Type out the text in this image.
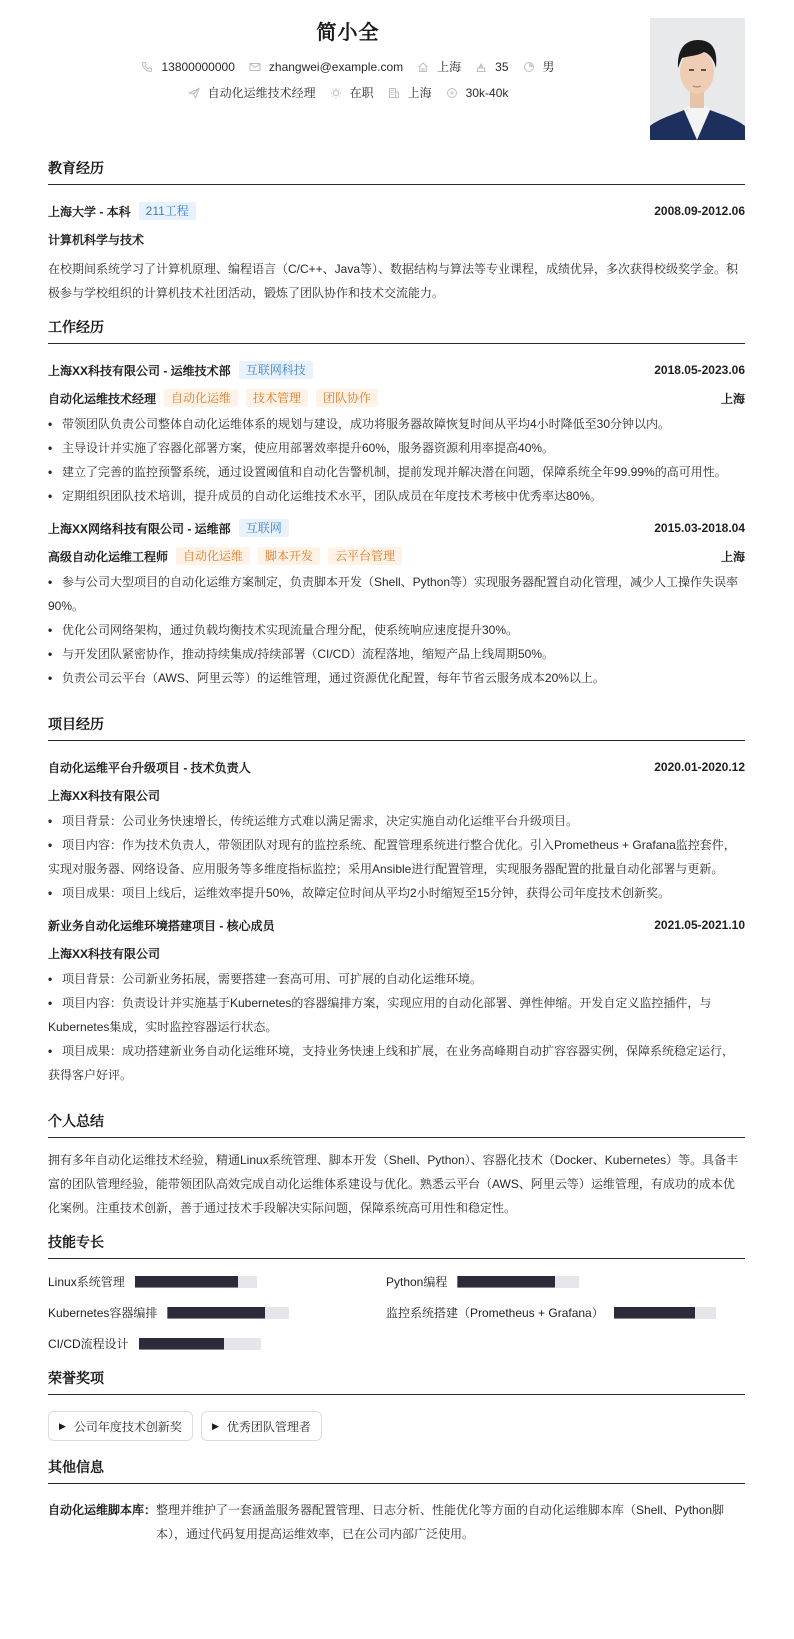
简小全
13800000000	zhangwei@example.com	上海	35	男
自动化运维技术经理	在职	上海	30k-40k
教育经历
上海大学 - 本科	211工程	2008.09-2012.06
计算机科学与技术
在校期间系统学习了计算机原理、编程语言（C/C++、Java等）、数据结构与算法等专业课程，成绩优异，多次获得校级奖学金。积极参与学校组织的计算机技术社团活动，锻炼了团队协作和技术交流能力。
工作经历
上海XX科技有限公司 - 运维技术部	互联网科技	2018.05-2023.06
自动化运维技术经理	自动化运维	技术管理	团队协作	上海
• 带领团队负责公司整体自动化运维体系的规划与建设，成功将服务器故障恢复时间从平均4小时降低至30分钟以内。
• 主导设计并实施了容器化部署方案，使应用部署效率提升60%，服务器资源利用率提高40%。
• 建立了完善的监控预警系统，通过设置阈值和自动化告警机制，提前发现并解决潜在问题，保障系统全年99.99%的高可用性。
• 定期组织团队技术培训，提升成员的自动化运维技术水平，团队成员在年度技术考核中优秀率达80%。
上海XX网络科技有限公司 - 运维部	互联网	2015.03-2018.04
高级自动化运维工程师	自动化运维	脚本开发	云平台管理	上海
• 参与公司大型项目的自动化运维方案制定，负责脚本开发（Shell、Python等）实现服务器配置自动化管理，减少人工操作失误率90%。
• 优化公司网络架构，通过负载均衡技术实现流量合理分配，使系统响应速度提升30%。
• 与开发团队紧密协作，推动持续集成/持续部署（CI/CD）流程落地，缩短产品上线周期50%。
• 负责公司云平台（AWS、阿里云等）的运维管理，通过资源优化配置，每年节省云服务成本20%以上。
项目经历
自动化运维平台升级项目 - 技术负责人	2020.01-2020.12
上海XX科技有限公司
• 项目背景：公司业务快速增长，传统运维方式难以满足需求，决定实施自动化运维平台升级项目。
• 项目内容：作为技术负责人，带领团队对现有的监控系统、配置管理系统进行整合优化。引入Prometheus + Grafana监控套件，实现对服务器、网络设备、应用服务等多维度指标监控；采用Ansible进行配置管理，实现服务器配置的批量自动化部署与更新。
• 项目成果：项目上线后，运维效率提升50%，故障定位时间从平均2小时缩短至15分钟，获得公司年度技术创新奖。
新业务自动化运维环境搭建项目 - 核心成员	2021.05-2021.10
上海XX科技有限公司
• 项目背景：公司新业务拓展，需要搭建一套高可用、可扩展的自动化运维环境。
• 项目内容：负责设计并实施基于Kubernetes的容器编排方案，实现应用的自动化部署、弹性伸缩。开发自定义监控插件，与Kubernetes集成，实时监控容器运行状态。
• 项目成果：成功搭建新业务自动化运维环境，支持业务快速上线和扩展，在业务高峰期自动扩容容器实例，保障系统稳定运行，获得客户好评。
个人总结
拥有多年自动化运维技术经验，精通Linux系统管理、脚本开发（Shell、Python）、容器化技术（Docker、Kubernetes）等。具备丰富的团队管理经验，能带领团队高效完成自动化运维体系建设与优化。熟悉云平台（AWS、阿里云等）运维管理，有成功的成本优化案例。注重技术创新，善于通过技术手段解决实际问题，保障系统高可用性和稳定性。
技能专长
Linux系统管理	Python编程
Kubernetes容器编排	监控系统搭建（Prometheus + Grafana）
CI/CD流程设计
荣誉奖项
▶ 公司年度技术创新奖	▶ 优秀团队管理者
其他信息
自动化运维脚本库： 整理并维护了一套涵盖服务器配置管理、日志分析、性能优化等方面的自动化运维脚本库（Shell、Python脚本），通过代码复用提高运维效率，已在公司内部广泛使用。
